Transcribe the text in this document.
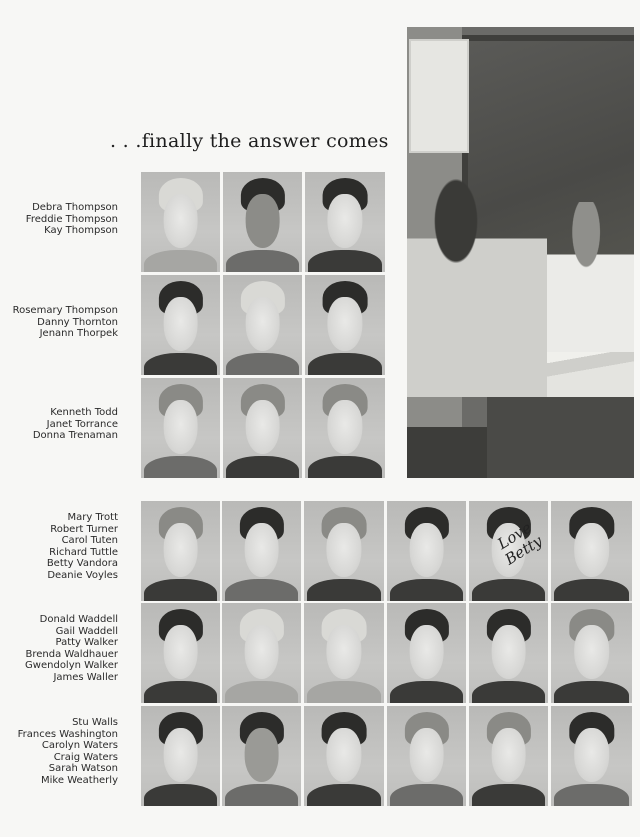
. . .finally the answer comes
Debra Thompson
Freddie Thompson
Kay Thompson
Rosemary Thompson
Danny Thornton
Jenann Thorpek
Kenneth Todd
Janet Torrance
Donna Trenaman
Mary Trott
Robert Turner
Carol Tuten
Richard Tuttle
Betty Vandora
Deanie Voyles
Donald Waddell
Gail Waddell
Patty Walker
Brenda Waldhauer
Gwendolyn Walker
James Waller
Stu Walls
Frances Washington
Carolyn Waters
Craig Waters
Sarah Watson
Mike Weatherly
Love Betty
